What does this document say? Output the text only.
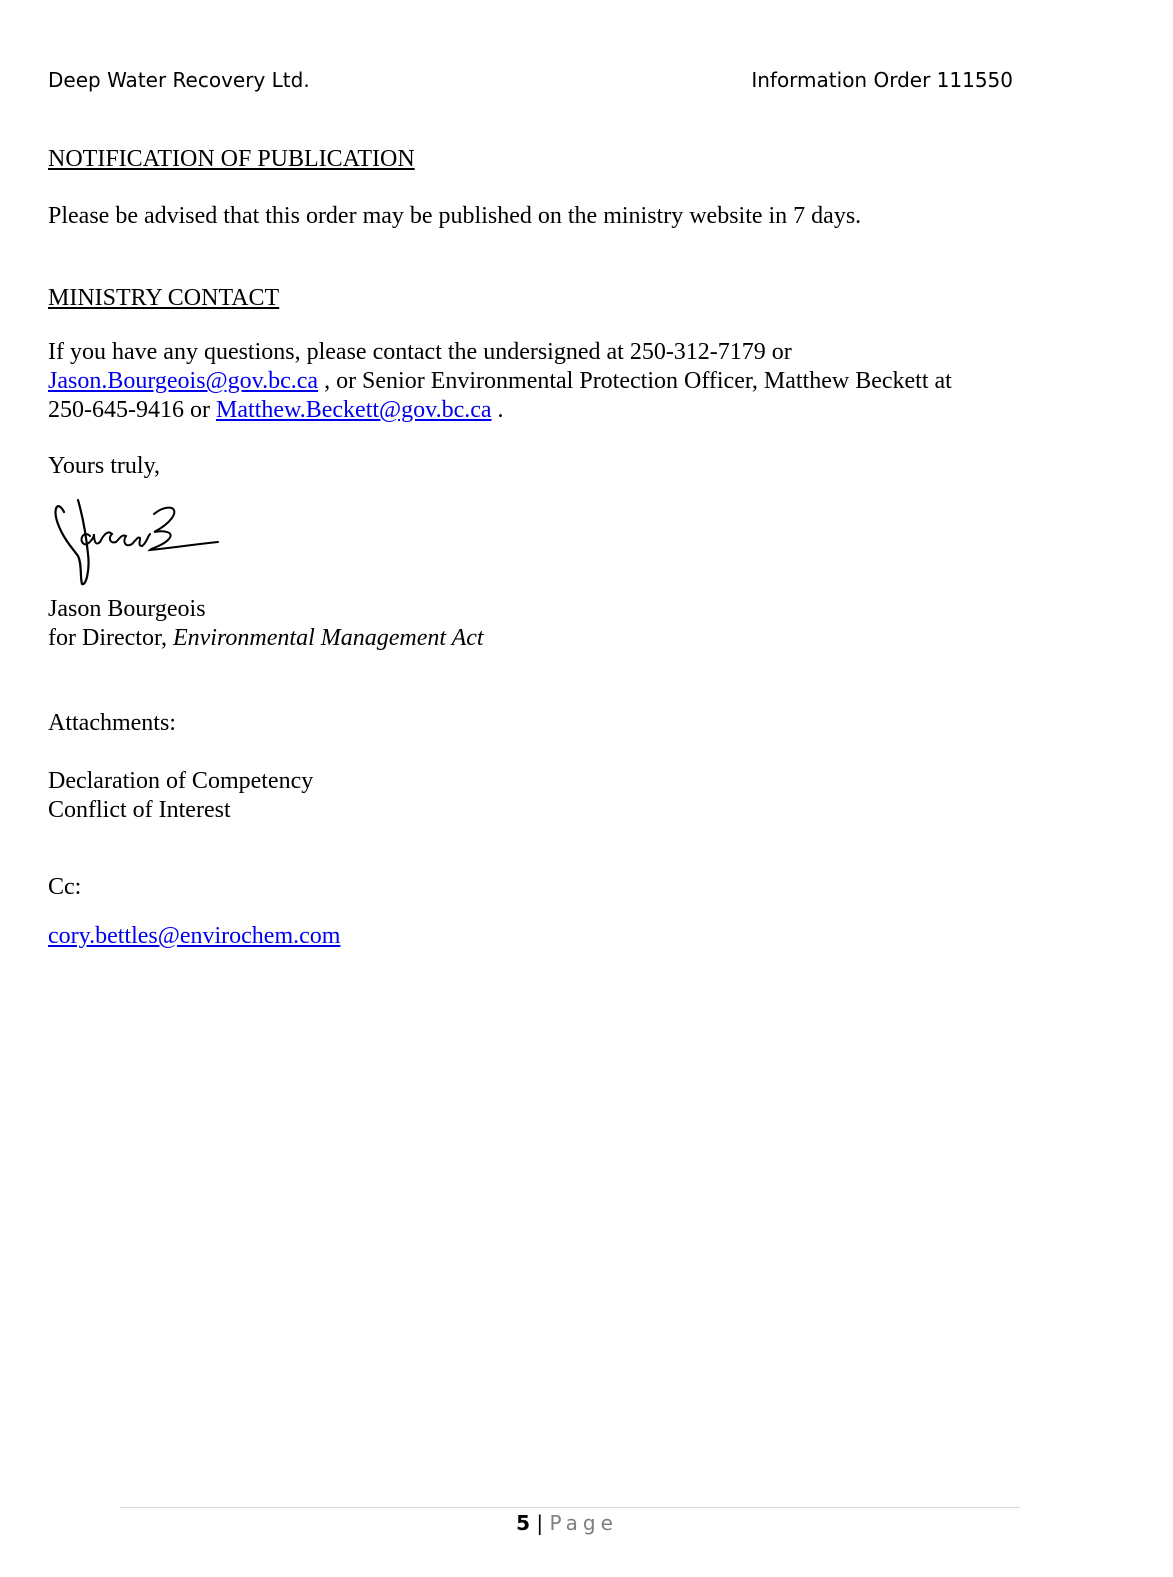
Deep Water Recovery Ltd.	Information Order 111550
NOTIFICATION OF PUBLICATION
Please be advised that this order may be published on the ministry website in 7 days.
MINISTRY CONTACT
If you have any questions, please contact the undersigned at 250-312-7179 or
Jason.Bourgeois@gov.bc.ca , or Senior Environmental Protection Officer, Matthew Beckett at
250-645-9416 or Matthew.Beckett@gov.bc.ca .
Yours truly,
Jason Bourgeois
for Director, Environmental Management Act
Attachments:
Declaration of Competency
Conflict of Interest
Cc:
cory.bettles@envirochem.com
5 | Page
